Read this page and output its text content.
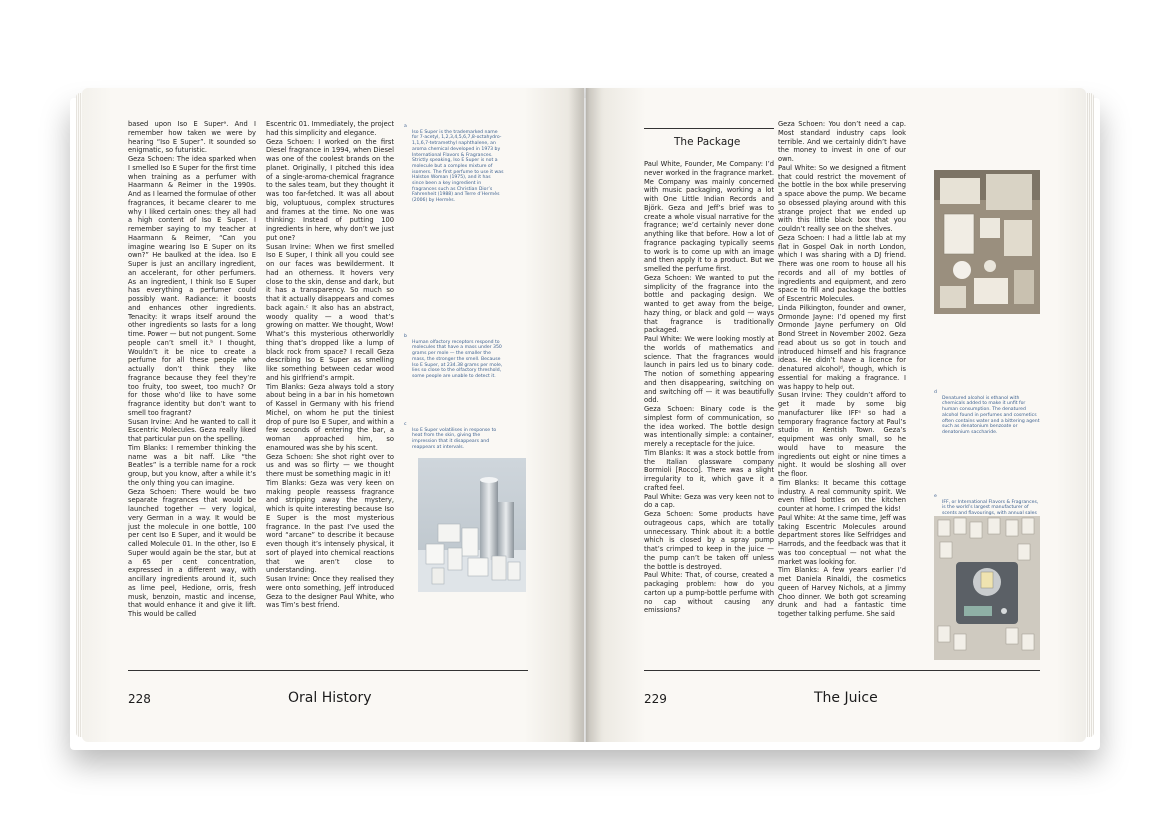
based upon Iso E Superᵃ. And I remember how taken we were by hearing “Iso E Super”. It sounded so enigmatic, so futuristic.
Geza Schoen: The idea sparked when I smelled Iso E Super for the first time when training as a perfumer with Haarmann & Reimer in the 1990s. And as I learned the formulae of other fragrances, it became clearer to me why I liked certain ones: they all had a high content of Iso E Super. I remember saying to my teacher at Haarmann & Reimer, “Can you imagine wearing Iso E Super on its own?” He baulked at the idea. Iso E Super is just an ancillary ingredient, an accelerant, for other perfumers. As an ingredient, I think Iso E Super has everything a perfumer could possibly want. Radiance: it boosts and enhances other ingredients. Tenacity: it wraps itself around the other ingredients so lasts for a long time. Power — but not pungent. Some people can’t smell it.ᵇ I thought, Wouldn’t it be nice to create a perfume for all these people who actually don’t think they like fragrance because they feel they’re too fruity, too sweet, too much? Or for those who’d like to have some fragrance identity but don’t want to smell too fragrant?
Susan Irvine: And he wanted to call it Escentric Molecules. Geza really liked that particular pun on the spelling.
Tim Blanks: I remember thinking the name was a bit naff. Like “the Beatles” is a terrible name for a rock group, but you know, after a while it’s the only thing you can imagine.
Geza Schoen: There would be two separate fragrances that would be launched together — very logical, very German in a way. It would be just the molecule in one bottle, 100 per cent Iso E Super, and it would be called Molecule 01. In the other, Iso E Super would again be the star, but at a 65 per cent concentration, expressed in a different way, with ancillary ingredients around it, such as lime peel, Hedione, orris, fresh musk, benzoin, mastic and incense, that would enhance it and give it lift. This would be called
Escentric 01. Immediately, the project had this simplicity and elegance.
Geza Schoen: I worked on the first Diesel fragrance in 1994, when Diesel was one of the coolest brands on the planet. Originally, I pitched this idea of a single-aroma-chemical fragrance to the sales team, but they thought it was too far-fetched. It was all about big, voluptuous, complex structures and frames at the time. No one was thinking: Instead of putting 100 ingredients in here, why don’t we just put one?
Susan Irvine: When we first smelled Iso E Super, I think all you could see on our faces was bewilderment. It had an otherness. It hovers very close to the skin, dense and dark, but it has a transparency. So much so that it actually disappears and comes back again.ᶜ It also has an abstract, woody quality — a wood that’s growing on matter. We thought, Wow! What’s this mysterious otherworldly thing that’s dropped like a lump of black rock from space? I recall Geza describing Iso E Super as smelling like something between cedar wood and his girlfriend’s armpit.
Tim Blanks: Geza always told a story about being in a bar in his hometown of Kassel in Germany with his friend Michel, on whom he put the tiniest drop of pure Iso E Super, and within a few seconds of entering the bar, a woman approached him, so enamoured was she by his scent.
Geza Schoen: She shot right over to us and was so flirty — we thought there must be something magic in it!
Tim Blanks: Geza was very keen on making people reassess fragrance and stripping away the mystery, which is quite interesting because Iso E Super is the most mysterious fragrance. In the past I’ve used the word “arcane” to describe it because even though it’s intensely physical, it sort of played into chemical reactions that we aren’t close to understanding.
Susan Irvine: Once they realised they were onto something, Jeff introduced Geza to the designer Paul White, who was Tim’s best friend.

a
Iso E Super is the trademarked name for 7-acetyl, 1,2,3,4,5,6,7,8-octahydro-1,1,6,7-tetramethyl naphthalene, an aroma chemical developed in 1973 by International Flavors & Fragrances. Strictly speaking, Iso E Super is not a molecule but a complex mixture of isomers. The first perfume to use it was Halston Woman (1975), and it has since been a key ingredient in fragrances such as Christian Dior’s Fahrenheit (1988) and Terre d’Hermès (2006) by Hermès.

b
Human olfactory receptors respond to molecules that have a mass under 350 grams per mole — the smaller the mass, the stronger the smell. Because Iso E Super, at 234.38 grams per mole, lies so close to the olfactory threshold, some people are unable to detect it.

c
Iso E Super volatilises in response to heat from the skin, giving the impression that it disappears and reappears at intervals.

228	Oral History
The Package
Paul White, Founder, Me Company: I’d never worked in the fragrance market. Me Company was mainly concerned with music packaging, working a lot with One Little Indian Records and Björk. Geza and Jeff’s brief was to create a whole visual narrative for the fragrance; we’d certainly never done anything like that before. How a lot of fragrance packaging typically seems to work is to come up with an image and then apply it to a product. But we smelled the perfume first.
Geza Schoen: We wanted to put the simplicity of the fragrance into the bottle and packaging design. We wanted to get away from the beige, hazy thing, or black and gold — ways that fragrance is traditionally packaged.
Paul White: We were looking mostly at the worlds of mathematics and science. That the fragrances would launch in pairs led us to binary code. The notion of something appearing and then disappearing, switching on and switching off — it was beautifully odd.
Geza Schoen: Binary code is the simplest form of communication, so the idea worked. The bottle design was intentionally simple: a container, merely a receptacle for the juice.
Tim Blanks: It was a stock bottle from the Italian glassware company Bormioli [Rocco]. There was a slight irregularity to it, which gave it a crafted feel.
Paul White: Geza was very keen not to do a cap.
Geza Schoen: Some products have outrageous caps, which are totally unnecessary. Think about it: a bottle which is closed by a spray pump that’s crimped to keep in the juice — the pump can’t be taken off unless the bottle is destroyed.
Paul White: That, of course, created a packaging problem: how do you carton up a pump-bottle perfume with no cap without causing any emissions?
Geza Schoen: You don’t need a cap. Most standard industry caps look terrible. And we certainly didn’t have the money to invest in one of our own.
Paul White: So we designed a fitment that could restrict the movement of the bottle in the box while preserving a space above the pump. We became so obsessed playing around with this strange project that we ended up with this little black box that you couldn’t really see on the shelves.
Geza Schoen: I had a little lab at my flat in Gospel Oak in north London, which I was sharing with a DJ friend. There was one room to house all his records and all of my bottles of ingredients and equipment, and zero space to fill and package the bottles of Escentric Molecules.
Linda Pilkington, founder and owner, Ormonde Jayne: I’d opened my first Ormonde Jayne perfumery on Old Bond Street in November 2002. Geza read about us so got in touch and introduced himself and his fragrance ideas. He didn’t have a licence for denatured alcoholᵈ, though, which is essential for making a fragrance. I was happy to help out.
Susan Irvine: They couldn’t afford to get it made by some big manufacturer like IFFᵉ so had a temporary fragrance factory at Paul’s studio in Kentish Town. Geza’s equipment was only small, so he would have to measure the ingredients out eight or nine times a night. It would be sloshing all over the floor.
Tim Blanks: It became this cottage industry. A real community spirit. We even filled bottles on the kitchen counter at home. I crimped the kids!
Paul White: At the same time, Jeff was taking Escentric Molecules around department stores like Selfridges and Harrods, and the feedback was that it was too conceptual — not what the market was looking for.
Tim Blanks: A few years earlier I’d met Daniela Rinaldi, the cosmetics queen of Harvey Nichols, at a Jimmy Choo dinner. We both got screaming drunk and had a fantastic time together talking perfume. She said

d
Denatured alcohol is ethanol with chemicals added to make it unfit for human consumption. The denatured alcohol found in perfumes and cosmetics often contains water and a bittering agent such as denatonium benzoate or denatonium saccharide.

e
IFF, or International Flavors & Fragrances, is the world’s largest manufacturer of scents and flavourings, with annual sales

229	The Juice
